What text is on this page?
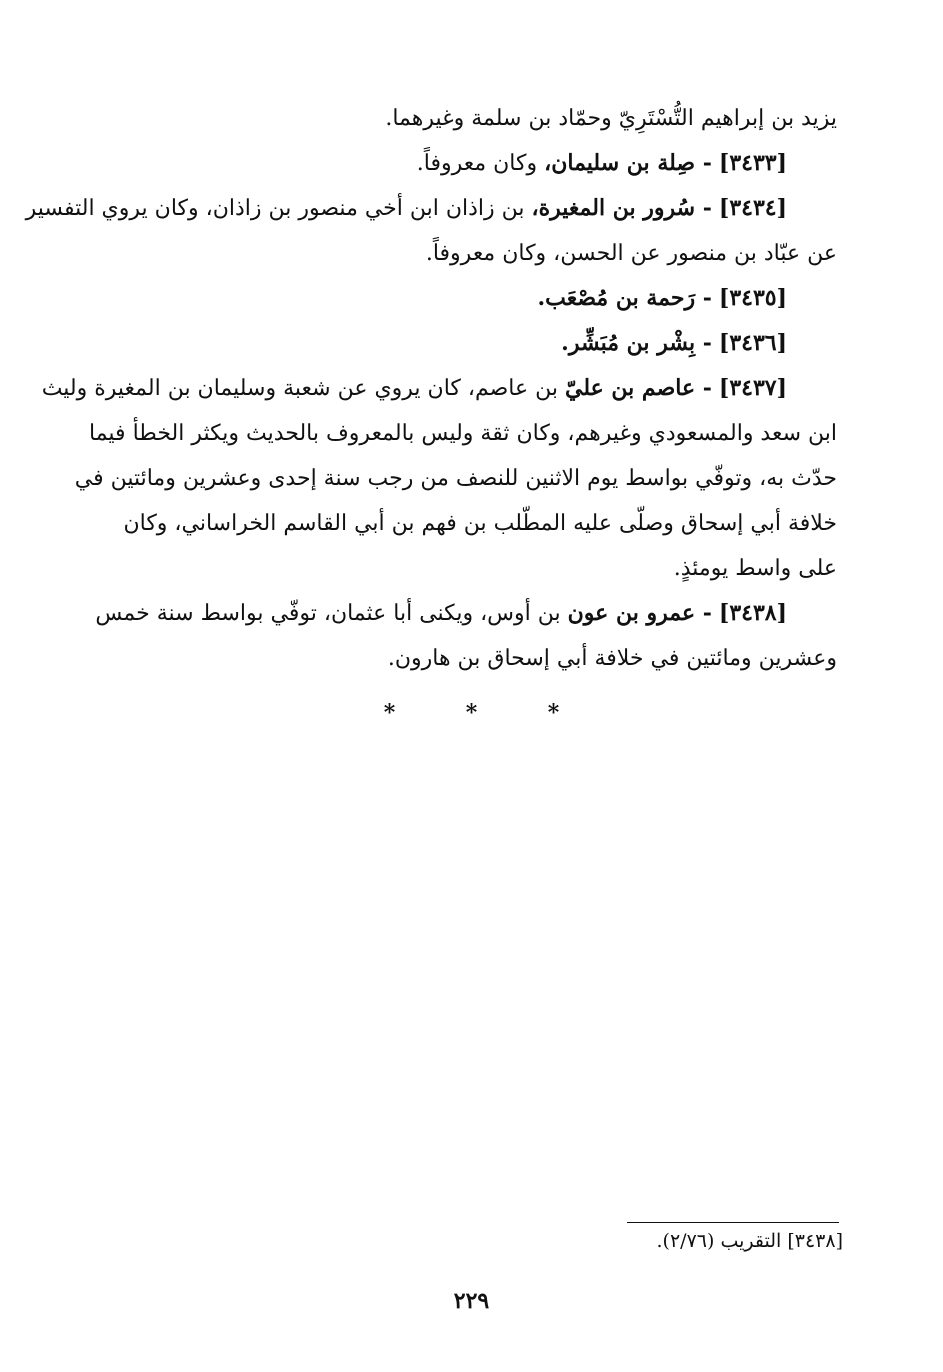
يزيد بن إبراهيم التُّسْتَرِيّ وحمّاد بن سلمة وغيرهما.
[٣٤٣٣] - صِلة بن سليمان، وكان معروفاً.
[٣٤٣٤] - سُرور بن المغيرة، بن زاذان ابن أخي منصور بن زاذان، وكان يروي التفسير
عن عبّاد بن منصور عن الحسن، وكان معروفاً.
[٣٤٣٥] - رَحمة بن مُصْعَب.
[٣٤٣٦] - بِشْر بن مُبَشِّر.
[٣٤٣٧] - عاصم بن عليّ بن عاصم، كان يروي عن شعبة وسليمان بن المغيرة وليث
ابن سعد والمسعودي وغيرهم، وكان ثقة وليس بالمعروف بالحديث ويكثر الخطأ فيما
حدّث به، وتوفّي بواسط يوم الاثنين للنصف من رجب سنة إحدى وعشرين ومائتين في
خلافة أبي إسحاق وصلّى عليه المطّلب بن فهم بن أبي القاسم الخراساني، وكان
على واسط يومئذٍ.
[٣٤٣٨] - عمرو بن عون بن أوس، ويكنى أبا عثمان، توفّي بواسط سنة خمس
وعشرين ومائتين في خلافة أبي إسحاق بن هارون.
*	*	*
[٣٤٣٨] التقريب (٢/٧٦).
٢٢٩
